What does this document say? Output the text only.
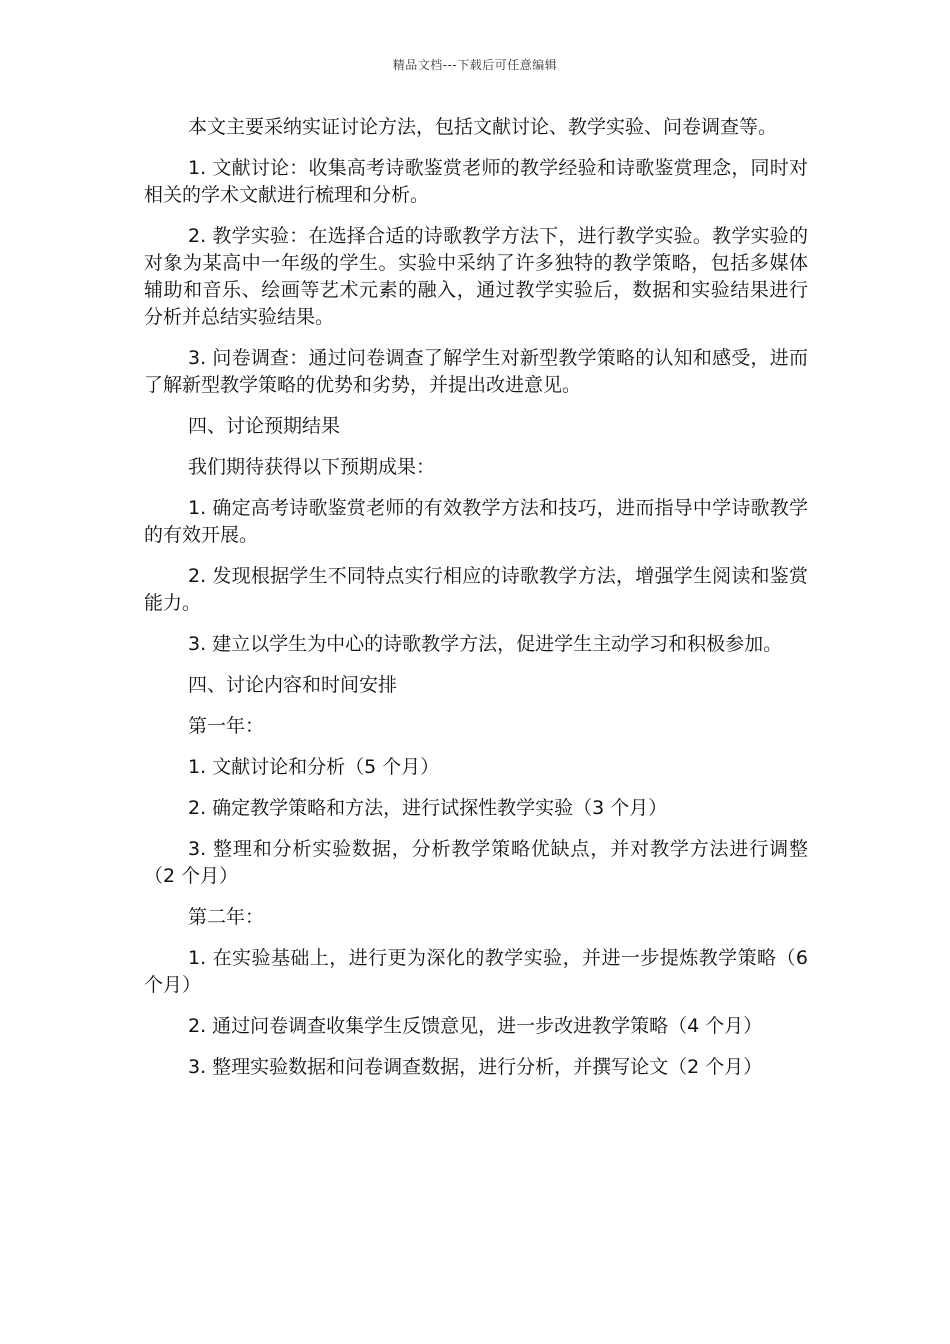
精品文档---下载后可任意编辑

本文主要采纳实证讨论方法，包括文献讨论、教学实验、问卷调查等。

1. 文献讨论：收集高考诗歌鉴赏老师的教学经验和诗歌鉴赏理念，同时对相关的学术文献进行梳理和分析。

2. 教学实验：在选择合适的诗歌教学方法下，进行教学实验。教学实验的对象为某高中一年级的学生。实验中采纳了许多独特的教学策略，包括多媒体辅助和音乐、绘画等艺术元素的融入，通过教学实验后，数据和实验结果进行分析并总结实验结果。

3. 问卷调查：通过问卷调查了解学生对新型教学策略的认知和感受，进而了解新型教学策略的优势和劣势，并提出改进意见。

四、讨论预期结果

我们期待获得以下预期成果：

1. 确定高考诗歌鉴赏老师的有效教学方法和技巧，进而指导中学诗歌教学的有效开展。

2. 发现根据学生不同特点实行相应的诗歌教学方法，增强学生阅读和鉴赏能力。

3. 建立以学生为中心的诗歌教学方法，促进学生主动学习和积极参加。

四、讨论内容和时间安排

第一年：

1. 文献讨论和分析（5 个月）

2. 确定教学策略和方法，进行试探性教学实验（3 个月）

3. 整理和分析实验数据，分析教学策略优缺点，并对教学方法进行调整（2 个月）

第二年：

1. 在实验基础上，进行更为深化的教学实验，并进一步提炼教学策略（6 个月）

2. 通过问卷调查收集学生反馈意见，进一步改进教学策略（4 个月）

3. 整理实验数据和问卷调查数据，进行分析，并撰写论文（2 个月）
